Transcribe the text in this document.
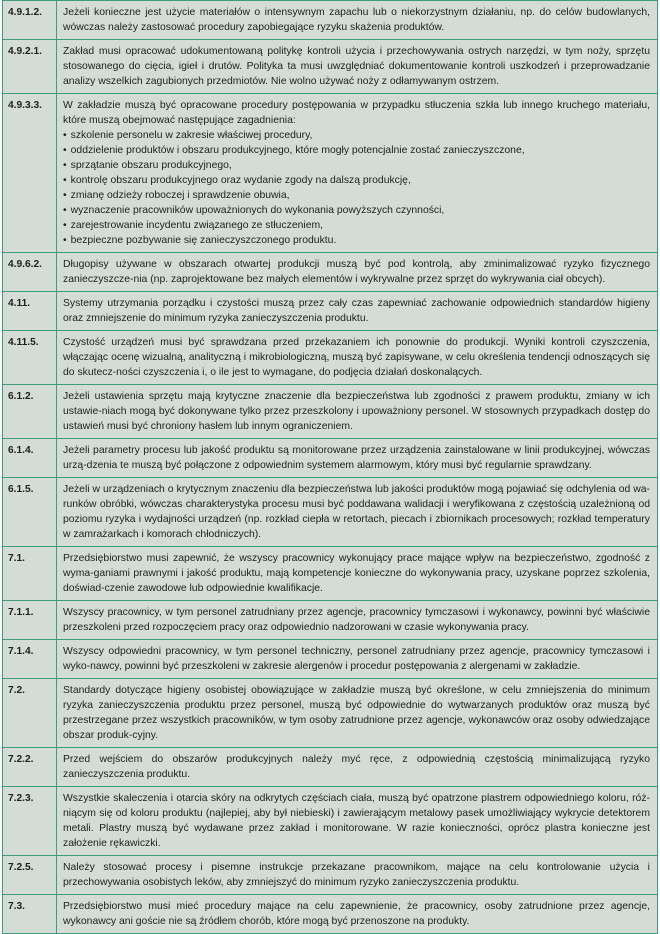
4.9.1.2.	Jeżeli konieczne jest użycie materiałów o intensywnym zapachu lub o niekorzystnym działaniu, np. do celów budowlanych, wówczas należy zastosować procedury zapobiegające ryzyku skażenia produktów.
4.9.2.1.	Zakład musi opracować udokumentowaną politykę kontroli użycia i przechowywania ostrych narzędzi, w tym noży, sprzętu stosowanego do cięcia, igieł i drutów. Polityka ta musi uwzględniać dokumentowanie kontroli uszkodzeń i przeprowadzanie analizy wszelkich zagubionych przedmiotów. Nie wolno używać noży z odłamywanym ostrzem.
4.9.3.3.	W zakładzie muszą być opracowane procedury postępowania w przypadku stłuczenia szkła lub innego kruchego materiału, które muszą obejmować następujące zagadnienia:
• szkolenie personelu w zakresie właściwej procedury,
• oddzielenie produktów i obszaru produkcyjnego, które mogły potencjalnie zostać zanieczyszczone,
• sprzątanie obszaru produkcyjnego,
• kontrolę obszaru produkcyjnego oraz wydanie zgody na dalszą produkcję,
• zmianę odzieży roboczej i sprawdzenie obuwia,
• wyznaczenie pracowników upoważnionych do wykonania powyższych czynności,
• zarejestrowanie incydentu związanego ze stłuczeniem,
• bezpieczne pozbywanie się zanieczyszczonego produktu.

4.9.6.2.	Długopisy używane w obszarach otwartej produkcji muszą być pod kontrolą, aby zminimalizować ryzyko fizycznego zanieczyszcze-nia (np. zaprojektowane bez małych elementów i wykrywalne przez sprzęt do wykrywania ciał obcych).
4.11.	Systemy utrzymania porządku i czystości muszą przez cały czas zapewniać zachowanie odpowiednich standardów higieny oraz zmniejszenie do minimum ryzyka zanieczyszczenia produktu.
4.11.5.	Czystość urządzeń musi być sprawdzana przed przekazaniem ich ponownie do produkcji. Wyniki kontroli czyszczenia, włączając ocenę wizualną, analityczną i mikrobiologiczną, muszą być zapisywane, w celu określenia tendencji odnoszących się do skutecz-ności czyszczenia i, o ile jest to wymagane, do podjęcia działań doskonalących.
6.1.2.	Jeżeli ustawienia sprzętu mają krytyczne znaczenie dla bezpieczeństwa lub zgodności z prawem produktu, zmiany w ich ustawie-niach mogą być dokonywane tylko przez przeszkolony i upoważniony personel. W stosownych przypadkach dostęp do ustawień musi być chroniony hasłem lub innym ograniczeniem.
6.1.4.	Jeżeli parametry procesu lub jakość produktu są monitorowane przez urządzenia zainstalowane w linii produkcyjnej, wówczas urzą-dzenia te muszą być połączone z odpowiednim systemem alarmowym, który musi być regularnie sprawdzany.
6.1.5.	Jeżeli w urządzeniach o krytycznym znaczeniu dla bezpieczeństwa lub jakości produktów mogą pojawiać się odchylenia od wa-runków obróbki, wówczas charakterystyka procesu musi być poddawana walidacji i weryfikowana z częstością uzależnioną od poziomu ryzyka i wydajności urządzeń (np. rozkład ciepła w retortach, piecach i zbiornikach procesowych; rozkład temperatury w zamrażarkach i komorach chłodniczych).
7.1.	Przedsiębiorstwo musi zapewnić, że wszyscy pracownicy wykonujący prace mające wpływ na bezpieczeństwo, zgodność z wyma-ganiami prawnymi i jakość produktu, mają kompetencje konieczne do wykonywania pracy, uzyskane poprzez szkolenia, doświad-czenie zawodowe lub odpowiednie kwalifikacje.
7.1.1.	Wszyscy pracownicy, w tym personel zatrudniany przez agencje, pracownicy tymczasowi i wykonawcy, powinni być właściwie przeszkoleni przed rozpoczęciem pracy oraz odpowiednio nadzorowani w czasie wykonywania pracy.
7.1.4.	Wszyscy odpowiedni pracownicy, w tym personel techniczny, personel zatrudniany przez agencje, pracownicy tymczasowi i wyko-nawcy, powinni być przeszkoleni w zakresie alergenów i procedur postępowania z alergenami w zakładzie.
7.2.	Standardy dotyczące higieny osobistej obowiązujące w zakładzie muszą być określone, w celu zmniejszenia do minimum ryzyka zanieczyszczenia produktu przez personel, muszą być odpowiednie do wytwarzanych produktów oraz muszą być przestrzegane przez wszystkich pracowników, w tym osoby zatrudnione przez agencje, wykonawców oraz osoby odwiedzające obszar produk-cyjny.
7.2.2.	Przed wejściem do obszarów produkcyjnych należy myć ręce, z odpowiednią częstością minimalizującą ryzyko zanieczyszczenia produktu.
7.2.3.	Wszystkie skaleczenia i otarcia skóry na odkrytych częściach ciała, muszą być opatrzone plastrem odpowiedniego koloru, róż-niącym się od koloru produktu (najlepiej, aby był niebieski) i zawierającym metalowy pasek umożliwiający wykrycie detektorem metali. Plastry muszą być wydawane przez zakład i monitorowane. W razie konieczności, oprócz plastra konieczne jest założenie rękawiczki.
7.2.5.	Należy stosować procesy i pisemne instrukcje przekazane pracownikom, mające na celu kontrolowanie użycia i przechowywania osobistych leków, aby zmniejszyć do minimum ryzyko zanieczyszczenia produktu.
7.3.	Przedsiębiorstwo musi mieć procedury mające na celu zapewnienie, że pracownicy, osoby zatrudnione przez agencje, wykonawcy ani goście nie są źródłem chorób, które mogą być przenoszone na produkty.
